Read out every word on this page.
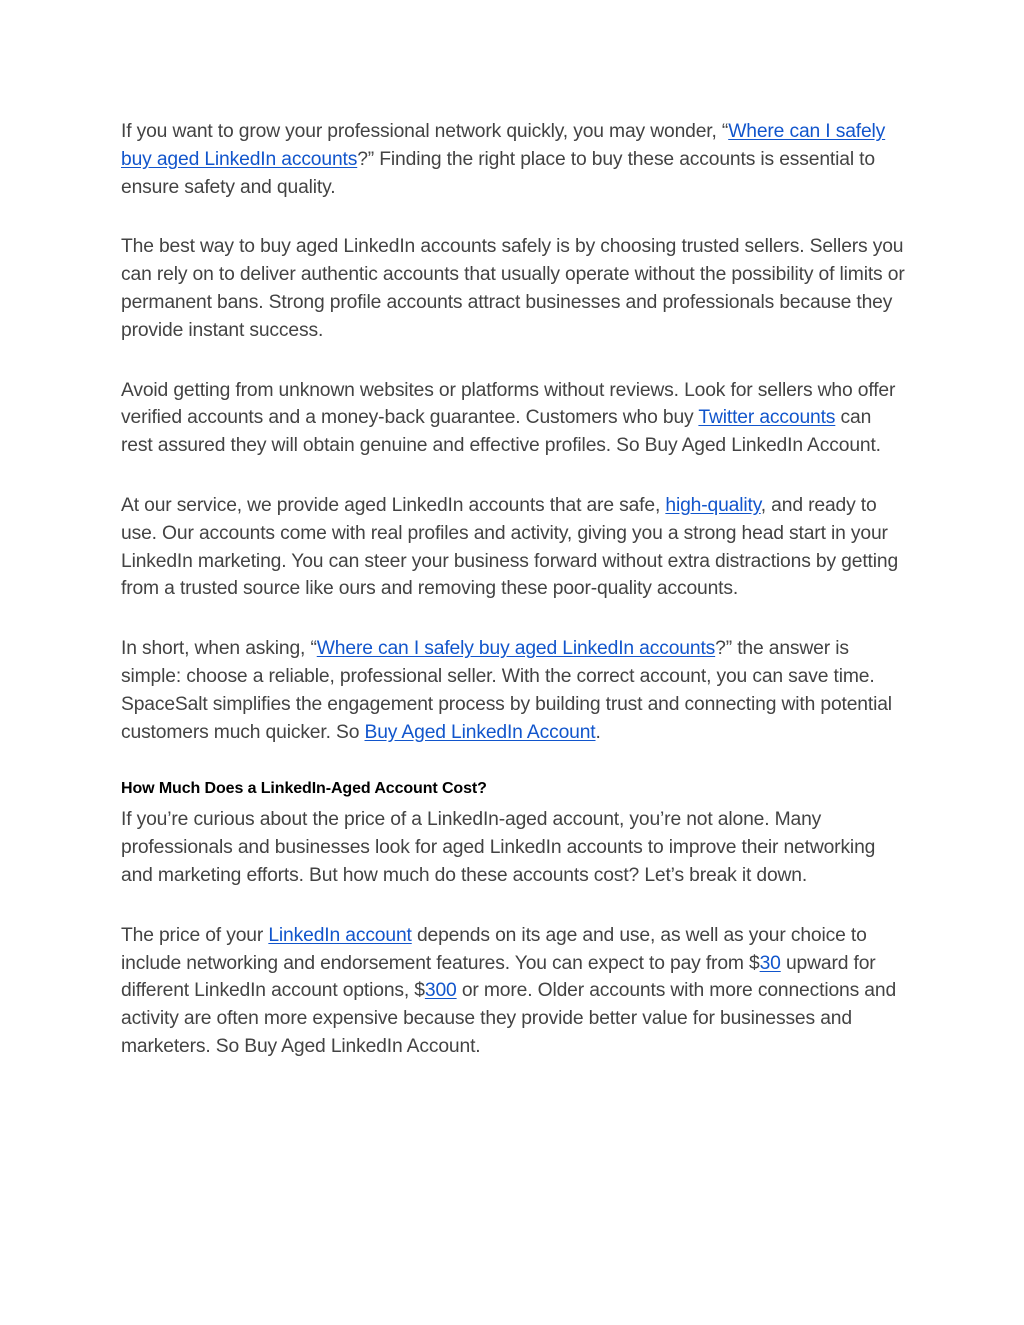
If you want to grow your professional network quickly, you may wonder, “Where can I safely buy aged LinkedIn accounts?” Finding the right place to buy these accounts is essential to ensure safety and quality.

The best way to buy aged LinkedIn accounts safely is by choosing trusted sellers. Sellers you can rely on to deliver authentic accounts that usually operate without the possibility of limits or permanent bans. Strong profile accounts attract businesses and professionals because they provide instant success.

Avoid getting from unknown websites or platforms without reviews. Look for sellers who offer verified accounts and a money-back guarantee. Customers who buy Twitter accounts can rest assured they will obtain genuine and effective profiles. So Buy Aged LinkedIn Account.

At our service, we provide aged LinkedIn accounts that are safe, high-quality, and ready to use. Our accounts come with real profiles and activity, giving you a strong head start in your LinkedIn marketing. You can steer your business forward without extra distractions by getting from a trusted source like ours and removing these poor-quality accounts.

In short, when asking, “Where can I safely buy aged LinkedIn accounts?” the answer is simple: choose a reliable, professional seller. With the correct account, you can save time. SpaceSalt simplifies the engagement process by building trust and connecting with potential customers much quicker. So Buy Aged LinkedIn Account.

How Much Does a LinkedIn-Aged Account Cost?

If you’re curious about the price of a LinkedIn-aged account, you’re not alone. Many professionals and businesses look for aged LinkedIn accounts to improve their networking and marketing efforts. But how much do these accounts cost? Let’s break it down.

The price of your LinkedIn account depends on its age and use, as well as your choice to include networking and endorsement features. You can expect to pay from $30 upward for different LinkedIn account options, $300 or more. Older accounts with more connections and activity are often more expensive because they provide better value for businesses and marketers. So Buy Aged LinkedIn Account.
